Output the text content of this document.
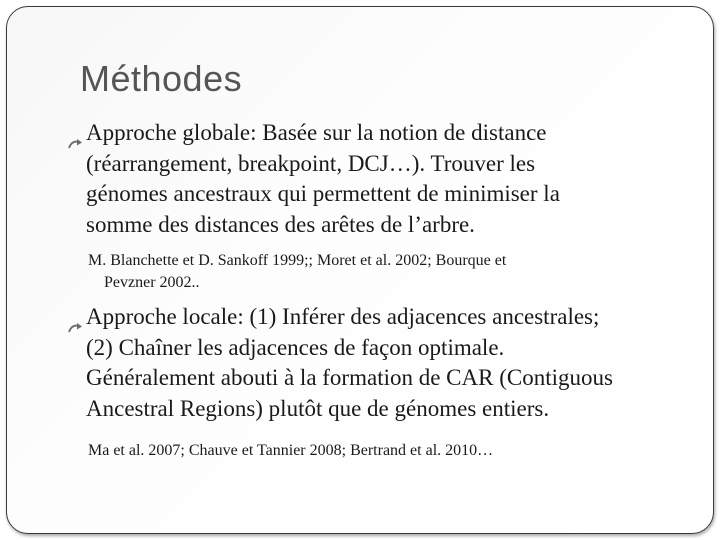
Méthodes
Approche globale: Basée sur la notion de distance
(réarrangement, breakpoint, DCJ…). Trouver les
génomes ancestraux qui permettent de minimiser la
somme des distances des arêtes de l’arbre.
M. Blanchette et D. Sankoff 1999;; Moret et al. 2002; Bourque et
Pevzner 2002..
Approche locale: (1) Inférer des adjacences ancestrales;
(2) Chaîner les adjacences de façon optimale.
Généralement abouti à la formation de CAR (Contiguous
Ancestral Regions) plutôt que de génomes entiers.
Ma et al. 2007; Chauve et Tannier 2008; Bertrand et al. 2010…
